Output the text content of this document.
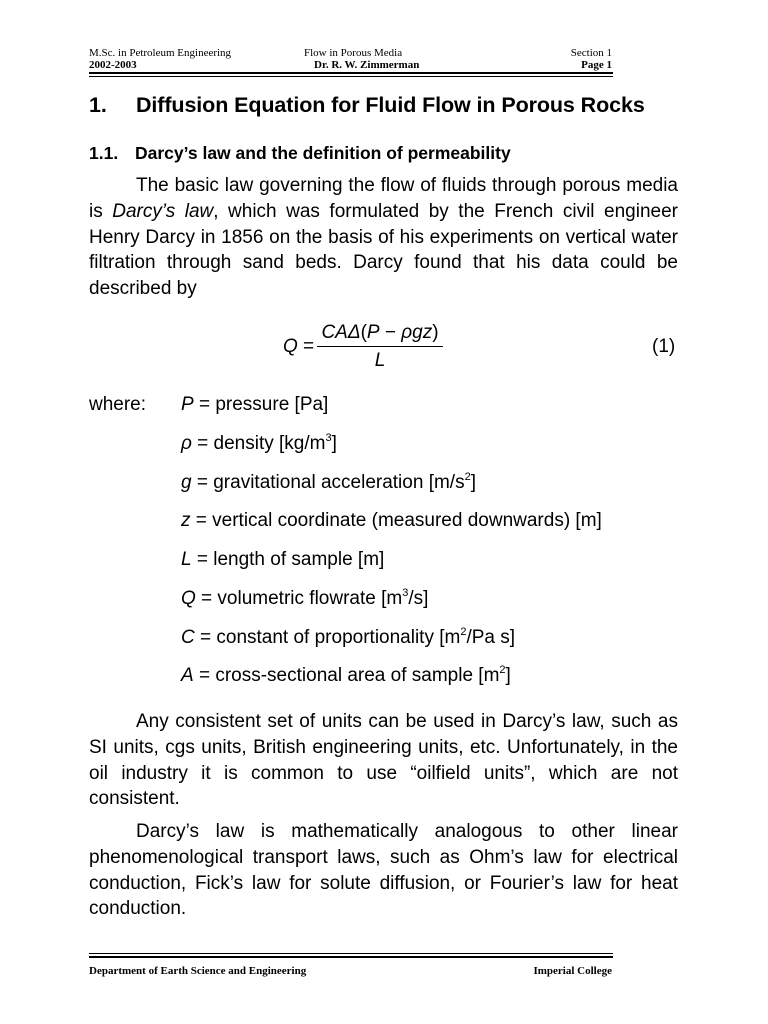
M.Sc. in Petroleum Engineering
2002-2003
Flow in Porous Media
Dr. R. W. Zimmerman
Section 1
Page 1
1. Diffusion Equation for Fluid Flow in Porous Rocks
1.1. Darcy’s law and the definition of permeability

The basic law governing the flow of fluids through porous media is Darcy’s law, which was formulated by the French civil engineer Henry Darcy in 1856 on the basis of his experiments on vertical water filtration through sand beds. Darcy found that his data could be described by

Q =
CAΔ(P − ρgz)
L
(1)
where: P = pressure [Pa]
ρ = density $[kg/m^3]$
g = gravitational acceleration $[m/s^2]$
z = vertical coordinate (measured downwards) [m]
L = length of sample [m]
Q = volumetric flowrate $[m^3/s]$
C = constant of proportionality [$m^2/Pa$ s]
A = cross-sectional area of sample $[m^2]$

Any consistent set of units can be used in Darcy’s law, such as SI units, cgs units, British engineering units, etc. Unfortunately, in the oil industry it is common to use “oilfield units”, which are not consistent.

Darcy’s law is mathematically analogous to other linear phenomenological transport laws, such as Ohm’s law for electrical conduction, Fick’s law for solute diffusion, or Fourier’s law for heat conduction.

Department of Earth Science and Engineering	Imperial College
